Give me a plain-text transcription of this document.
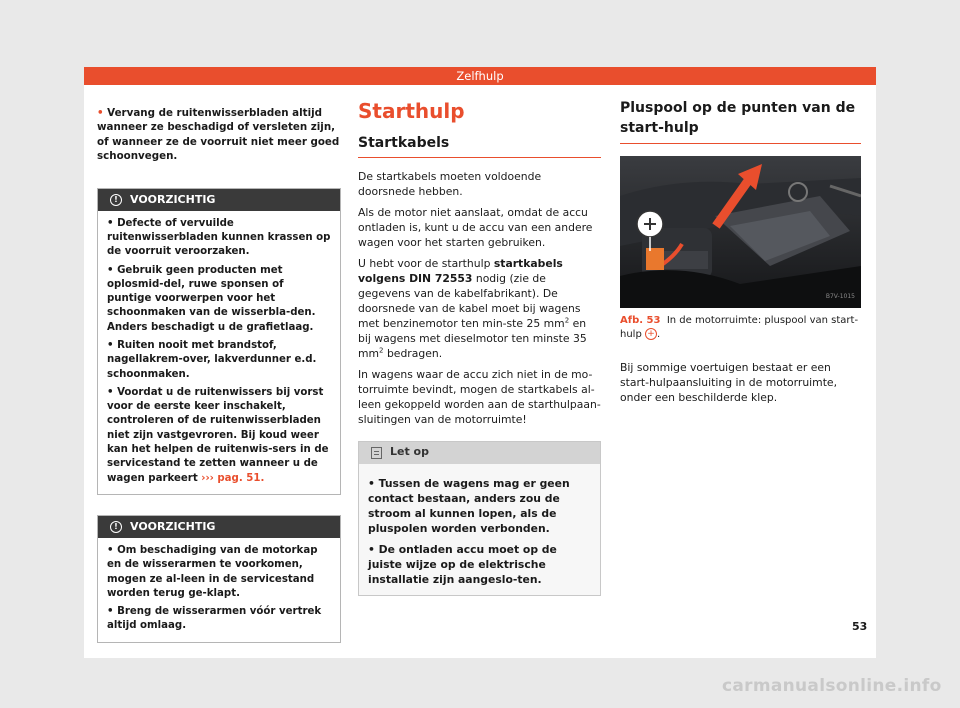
Zelfhulp
• Vervang de ruitenwisserbladen altijd wanneer ze beschadigd of versleten zijn, of wanneer ze de voorruit niet meer goed schoonvegen.
!	VOORZICHTIG

• Defecte of vervuilde ruitenwisserbladen kunnen krassen op de voorruit veroorzaken.

• Gebruik geen producten met oplosmid-del, ruwe sponsen of puntige voorwerpen voor het schoonmaken van de wisserbla-den. Anders beschadigt u de grafietlaag.

• Ruiten nooit met brandstof, nagellakrem-over, lakverdunner e.d. schoonmaken.

• Voordat u de ruitenwissers bij vorst voor de eerste keer inschakelt, controleren of de ruitenwisserbladen niet zijn vastgevroren. Bij koud weer kan het helpen de ruitenwis-sers in de servicestand te zetten wanneer u de wagen parkeert ››› pag. 51.

!	VOORZICHTIG

• Om beschadiging van de motorkap en de wisserarmen te voorkomen, mogen ze al-leen in de servicestand worden terug ge-klapt.

• Breng de wisserarmen vóór vertrek altijd omlaag.

Starthulp
Startkabels

De startkabels moeten voldoende doorsnede hebben.

Als de motor niet aanslaat, omdat de accu ontladen is, kunt u de accu van een andere wagen voor het starten gebruiken.

U hebt voor de starthulp startkabels volgens DIN 72553 nodig (zie de gegevens van de kabelfabrikant). De doorsnede van de kabel moet bij wagens met benzinemotor ten min-ste 25 $mm^2$ en bij wagens met dieselmotor ten minste 35 $mm^2$ bedragen.

In wagens waar de accu zich niet in de mo-torruimte bevindt, mogen de startkabels al-leen gekoppeld worden aan de starthulpaan-sluitingen van de motorruimte!

Let op

• Tussen de wagens mag er geen contact bestaan, anders zou de stroom al kunnen lopen, als de pluspolen worden verbonden.

• De ontladen accu moet op de juiste wijze op de elektrische installatie zijn aangeslo-ten.

Pluspool op de punten van de start-hulp
B7V-1015
Afb. 53 In de motorruimte: pluspool van start-hulp + .

Bij sommige voertuigen bestaat er een start-hulpaansluiting in de motorruimte, onder een beschilderde klep.

53
carmanualsonline.info
